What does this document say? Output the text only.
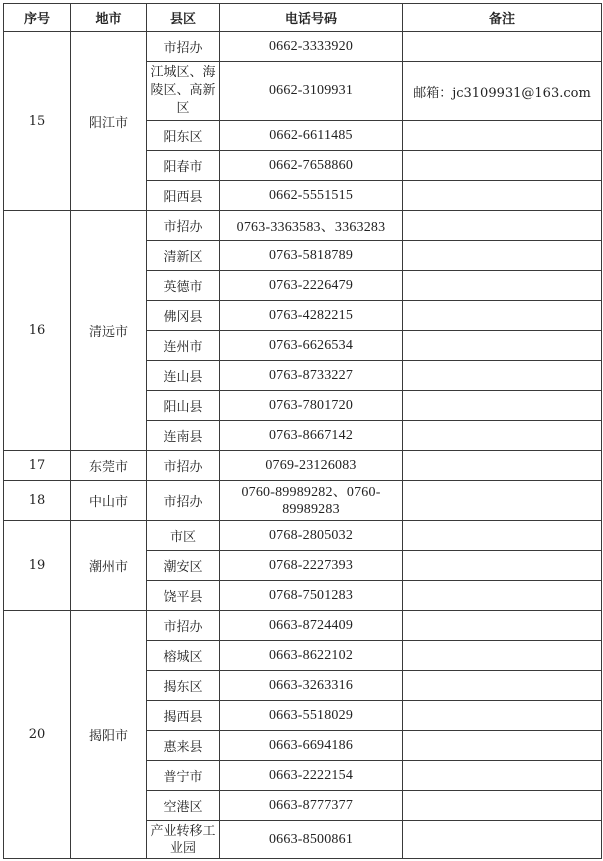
序号	地市	县区	电话号码	备注
15	阳江市	市招办	0662-3333920	
		江城区、海陵区、高新区	0662-3109931	邮箱：jc3109931@163.com
		阳东区	0662-6611485	
		阳春市	0662-7658860	
		阳西县	0662-5551515	
16	清远市	市招办	0763-3363583、3363283	
		清新区	0763-5818789	
		英德市	0763-2226479	
		佛冈县	0763-4282215	
		连州市	0763-6626534	
		连山县	0763-8733227	
		阳山县	0763-7801720	
		连南县	0763-8667142	
17	东莞市	市招办	0769-23126083	
18	中山市	市招办	0760-89989282、0760-89989283	
19	潮州市	市区	0768-2805032	
		潮安区	0768-2227393	
		饶平县	0768-7501283	
20	揭阳市	市招办	0663-8724409	
		榕城区	0663-8622102	
		揭东区	0663-3263316	
		揭西县	0663-5518029	
		惠来县	0663-6694186	
		普宁市	0663-2222154	
		空港区	0663-8777377	
		产业转移工业园	0663-8500861	
